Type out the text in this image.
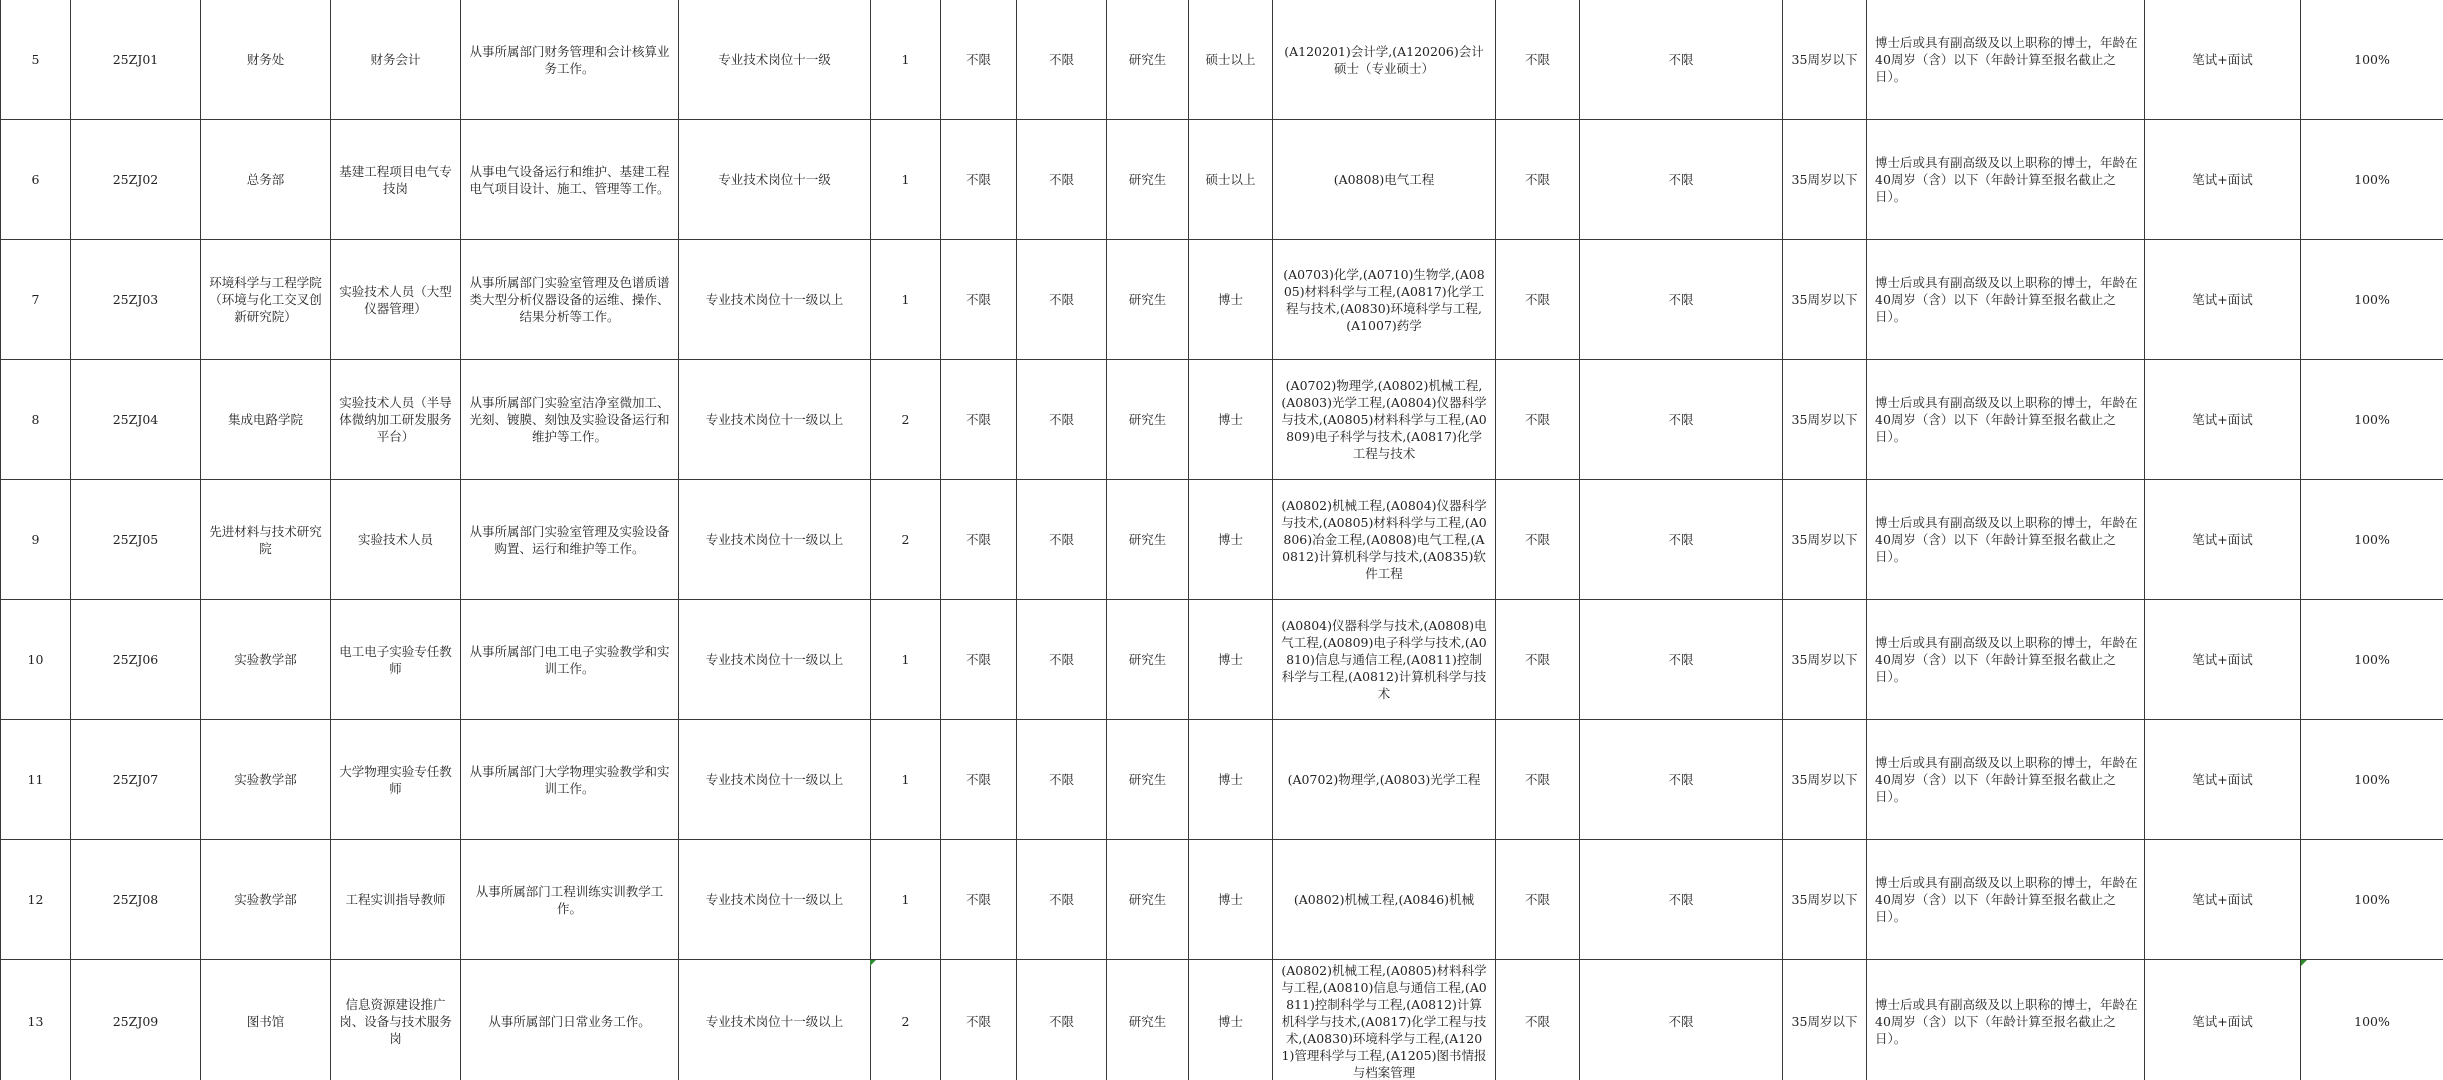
5	25ZJ01	财务处	财务会计	从事所属部门财务管理和会计核算业务工作。	专业技术岗位十一级	1	不限	不限	研究生	硕士以上	(A120201)会计学,(A120206)会计硕士（专业硕士）	不限	不限	35周岁以下	博士后或具有副高级及以上职称的博士，年龄在40周岁（含）以下（年龄计算至报名截止之日）。	笔试+面试	100%
6	25ZJ02	总务部	基建工程项目电气专技岗	从事电气设备运行和维护、基建工程电气项目设计、施工、管理等工作。	专业技术岗位十一级	1	不限	不限	研究生	硕士以上	(A0808)电气工程	不限	不限	35周岁以下	博士后或具有副高级及以上职称的博士，年龄在40周岁（含）以下（年龄计算至报名截止之日）。	笔试+面试	100%
7	25ZJ03	环境科学与工程学院（环境与化工交叉创新研究院）	实验技术人员（大型仪器管理）	从事所属部门实验室管理及色谱质谱类大型分析仪器设备的运维、操作、结果分析等工作。	专业技术岗位十一级以上	1	不限	不限	研究生	博士	(A0703)化学,(A0710)生物学,(A0805)材料科学与工程,(A0817)化学工程与技术,(A0830)环境科学与工程,(A1007)药学	不限	不限	35周岁以下	博士后或具有副高级及以上职称的博士，年龄在40周岁（含）以下（年龄计算至报名截止之日）。	笔试+面试	100%
8	25ZJ04	集成电路学院	实验技术人员（半导体微纳加工研发服务平台）	从事所属部门实验室洁净室微加工、光刻、镀膜、刻蚀及实验设备运行和维护等工作。	专业技术岗位十一级以上	2	不限	不限	研究生	博士	(A0702)物理学,(A0802)机械工程,(A0803)光学工程,(A0804)仪器科学与技术,(A0805)材料科学与工程,(A0809)电子科学与技术,(A0817)化学工程与技术	不限	不限	35周岁以下	博士后或具有副高级及以上职称的博士，年龄在40周岁（含）以下（年龄计算至报名截止之日）。	笔试+面试	100%
9	25ZJ05	先进材料与技术研究院	实验技术人员	从事所属部门实验室管理及实验设备购置、运行和维护等工作。	专业技术岗位十一级以上	2	不限	不限	研究生	博士	(A0802)机械工程,(A0804)仪器科学与技术,(A0805)材料科学与工程,(A0806)冶金工程,(A0808)电气工程,(A0812)计算机科学与技术,(A0835)软件工程	不限	不限	35周岁以下	博士后或具有副高级及以上职称的博士，年龄在40周岁（含）以下（年龄计算至报名截止之日）。	笔试+面试	100%
10	25ZJ06	实验教学部	电工电子实验专任教师	从事所属部门电工电子实验教学和实训工作。	专业技术岗位十一级以上	1	不限	不限	研究生	博士	(A0804)仪器科学与技术,(A0808)电气工程,(A0809)电子科学与技术,(A0810)信息与通信工程,(A0811)控制科学与工程,(A0812)计算机科学与技术	不限	不限	35周岁以下	博士后或具有副高级及以上职称的博士，年龄在40周岁（含）以下（年龄计算至报名截止之日）。	笔试+面试	100%
11	25ZJ07	实验教学部	大学物理实验专任教师	从事所属部门大学物理实验教学和实训工作。	专业技术岗位十一级以上	1	不限	不限	研究生	博士	(A0702)物理学,(A0803)光学工程	不限	不限	35周岁以下	博士后或具有副高级及以上职称的博士，年龄在40周岁（含）以下（年龄计算至报名截止之日）。	笔试+面试	100%
12	25ZJ08	实验教学部	工程实训指导教师	从事所属部门工程训练实训教学工作。	专业技术岗位十一级以上	1	不限	不限	研究生	博士	(A0802)机械工程,(A0846)机械	不限	不限	35周岁以下	博士后或具有副高级及以上职称的博士，年龄在40周岁（含）以下（年龄计算至报名截止之日）。	笔试+面试	100%
13	25ZJ09	图书馆	信息资源建设推广岗、设备与技术服务岗	从事所属部门日常业务工作。	专业技术岗位十一级以上	2	不限	不限	研究生	博士	(A0802)机械工程,(A0805)材料科学与工程,(A0810)信息与通信工程,(A0811)控制科学与工程,(A0812)计算机科学与技术,(A0817)化学工程与技术,(A0830)环境科学与工程,(A1201)管理科学与工程,(A1205)图书情报与档案管理	不限	不限	35周岁以下	博士后或具有副高级及以上职称的博士，年龄在40周岁（含）以下（年龄计算至报名截止之日）。	笔试+面试	100%
